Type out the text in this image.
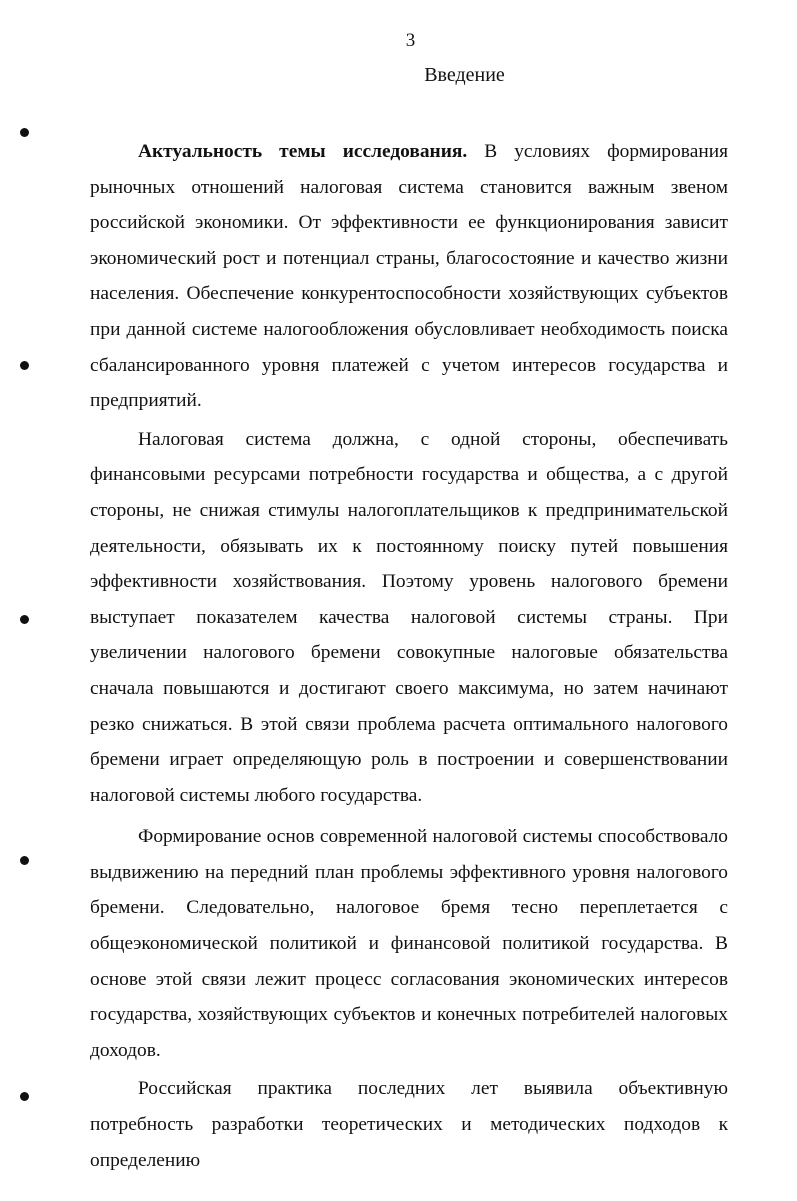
3
Введение

Актуальность темы исследования. В условиях формирования рыночных отношений налоговая система становится важным звеном российской экономики. От эффективности ее функционирования зависит экономический рост и потенциал страны, благосостояние и качество жизни населения. Обеспечение конкурентоспособности хозяйствующих субъектов при данной системе налогообложения обусловливает необходимость поиска сбалансированного уровня платежей с учетом интересов государства и предприятий.

Налоговая система должна, с одной стороны, обеспечивать финансовыми ресурсами потребности государства и общества, а с другой стороны, не снижая стимулы налогоплательщиков к предпринимательской деятельности, обязывать их к постоянному поиску путей повышения эффективности хозяйствования. Поэтому уровень налогового бремени выступает показателем качества налоговой системы страны. При увеличении налогового бремени совокупные налоговые обязательства сначала повышаются и достигают своего максимума, но затем начинают резко снижаться. В этой связи проблема расчета оптимального налогового бремени играет определяющую роль в построении и совершенствовании налоговой системы любого государства.

Формирование основ современной налоговой системы способствовало выдвижению на передний план проблемы эффективного уровня налогового бремени. Следовательно, налоговое бремя тесно переплетается с общеэкономической политикой и финансовой политикой государства. В основе этой связи лежит процесс согласования экономических интересов государства, хозяйствующих субъектов и конечных потребителей налоговых доходов.

Российская практика последних лет выявила объективную потребность разработки теоретических и методических подходов к определению
